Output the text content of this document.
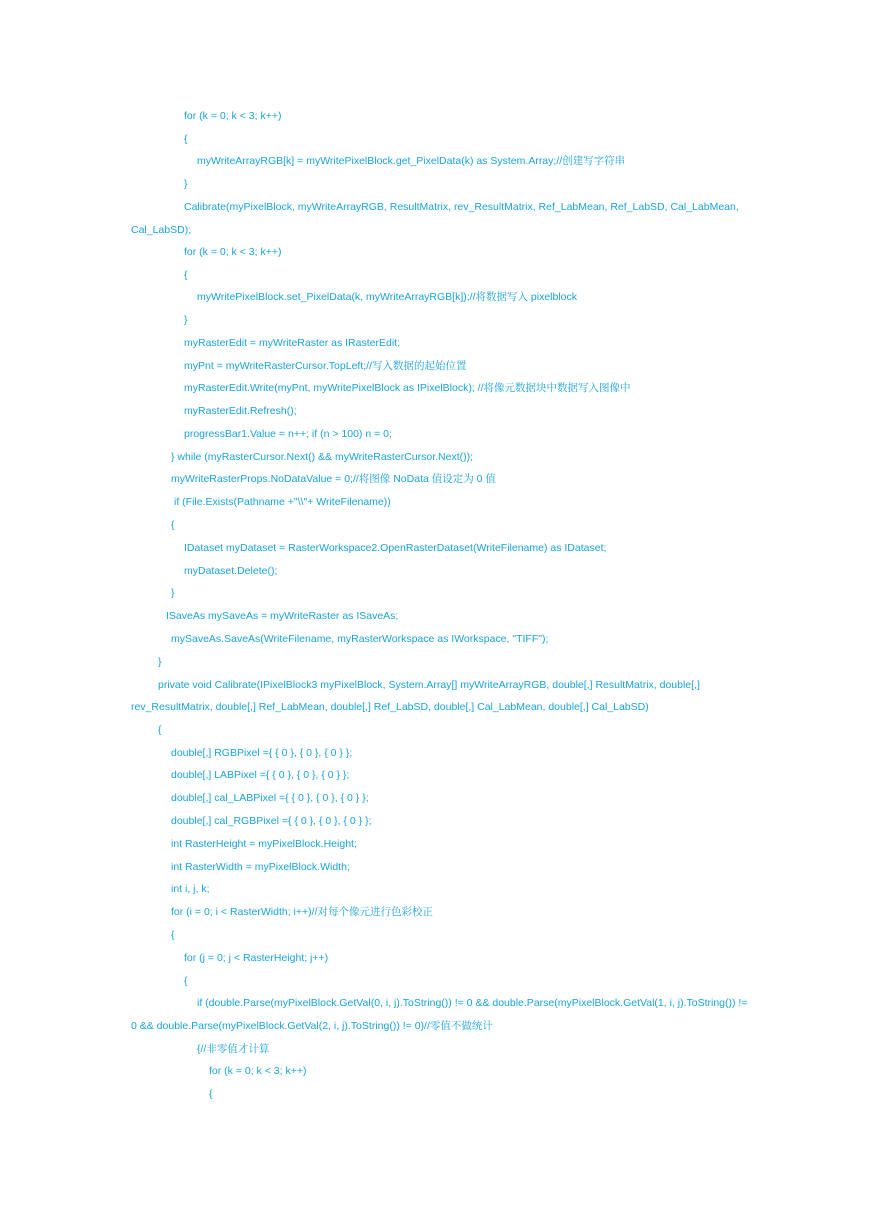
for (k = 0; k < 3; k++)
{
myWriteArrayRGB[k] = myWritePixelBlock.get_PixelData(k) as System.Array;//创建写字符串
}
Calibrate(myPixelBlock, myWriteArrayRGB, ResultMatrix, rev_ResultMatrix, Ref_LabMean, Ref_LabSD, Cal_LabMean,
Cal_LabSD);
for (k = 0; k < 3; k++)
{
myWritePixelBlock.set_PixelData(k, myWriteArrayRGB[k]);//将数据写入 pixelblock
}
myRasterEdit = myWriteRaster as IRasterEdit;
myPnt = myWriteRasterCursor.TopLeft;//写入数据的起始位置
myRasterEdit.Write(myPnt, myWritePixelBlock as IPixelBlock); //将像元数据块中数据写入图像中
myRasterEdit.Refresh();
progressBar1.Value = n++; if (n > 100) n = 0;
} while (myRasterCursor.Next() && myWriteRasterCursor.Next());
myWriteRasterProps.NoDataValue = 0;//将图像 NoData 值设定为 0 值
if (File.Exists(Pathname +"\\"+ WriteFilename))
{
IDataset myDataset = RasterWorkspace2.OpenRasterDataset(WriteFilename) as IDataset;
myDataset.Delete();
}
ISaveAs mySaveAs = myWriteRaster as ISaveAs;
mySaveAs.SaveAs(WriteFilename, myRasterWorkspace as IWorkspace, "TIFF");
}
private void Calibrate(IPixelBlock3 myPixelBlock, System.Array[] myWriteArrayRGB, double[,] ResultMatrix, double[,]
rev_ResultMatrix, double[,] Ref_LabMean, double[,] Ref_LabSD, double[,] Cal_LabMean, double[,] Cal_LabSD)
{
double[,] RGBPixel ={ { 0 }, { 0 }, { 0 } };
double[,] LABPixel ={ { 0 }, { 0 }, { 0 } };
double[,] cal_LABPixel ={ { 0 }, { 0 }, { 0 } };
double[,] cal_RGBPixel ={ { 0 }, { 0 }, { 0 } };
int RasterHeight = myPixelBlock.Height;
int RasterWidth = myPixelBlock.Width;
int i, j, k;
for (i = 0; i < RasterWidth; i++)//对每个像元进行色彩校正
{
for (j = 0; j < RasterHeight; j++)
{
if (double.Parse(myPixelBlock.GetVal(0, i, j).ToString()) != 0 && double.Parse(myPixelBlock.GetVal(1, i, j).ToString()) !=
0 && double.Parse(myPixelBlock.GetVal(2, i, j).ToString()) != 0)//零值不做统计
{//非零值才计算
for (k = 0; k < 3; k++)
{
